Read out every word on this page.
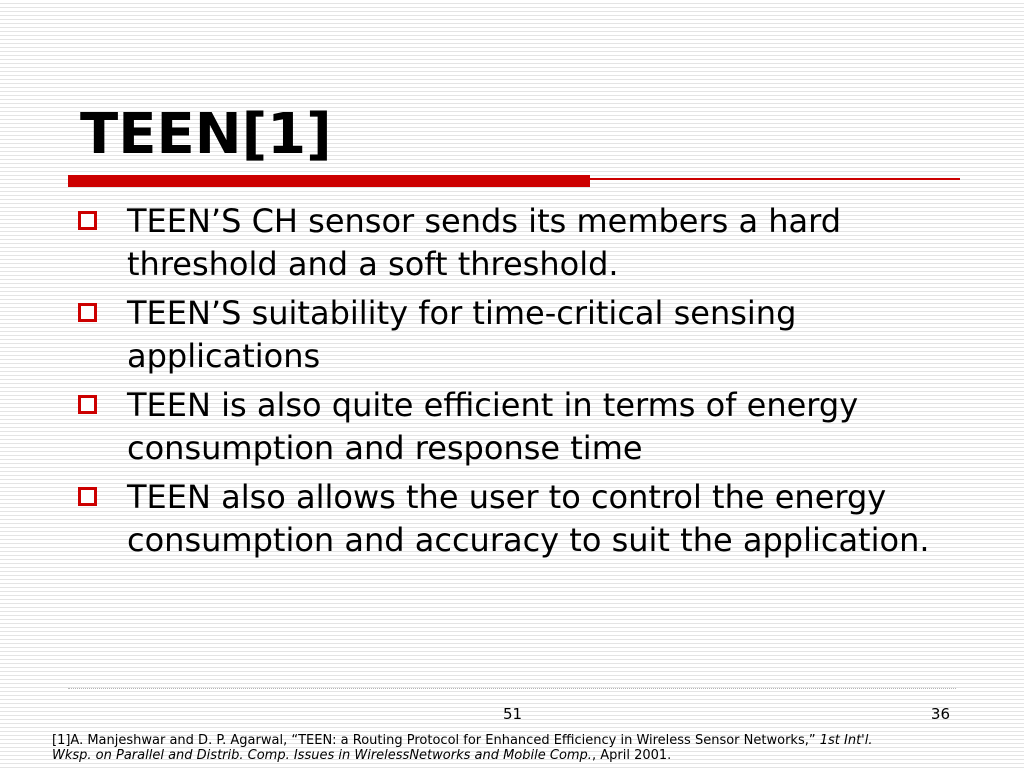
TEEN[1]
TEEN’S CH sensor sends its members a hard threshold and a soft threshold.
TEEN’S suitability for time-critical sensing applications
TEEN is also quite efficient in terms of energy consumption and response time
TEEN also allows the user to control the energy consumption and accuracy to suit the application.
51	36

[1]A. Manjeshwar and D. P. Agarwal, “TEEN: a Routing Protocol for Enhanced Efficiency in Wireless Sensor Networks,” 1st Int'l.
Wksp. on Parallel and Distrib. Comp. Issues in WirelessNetworks and Mobile Comp., April 2001.
